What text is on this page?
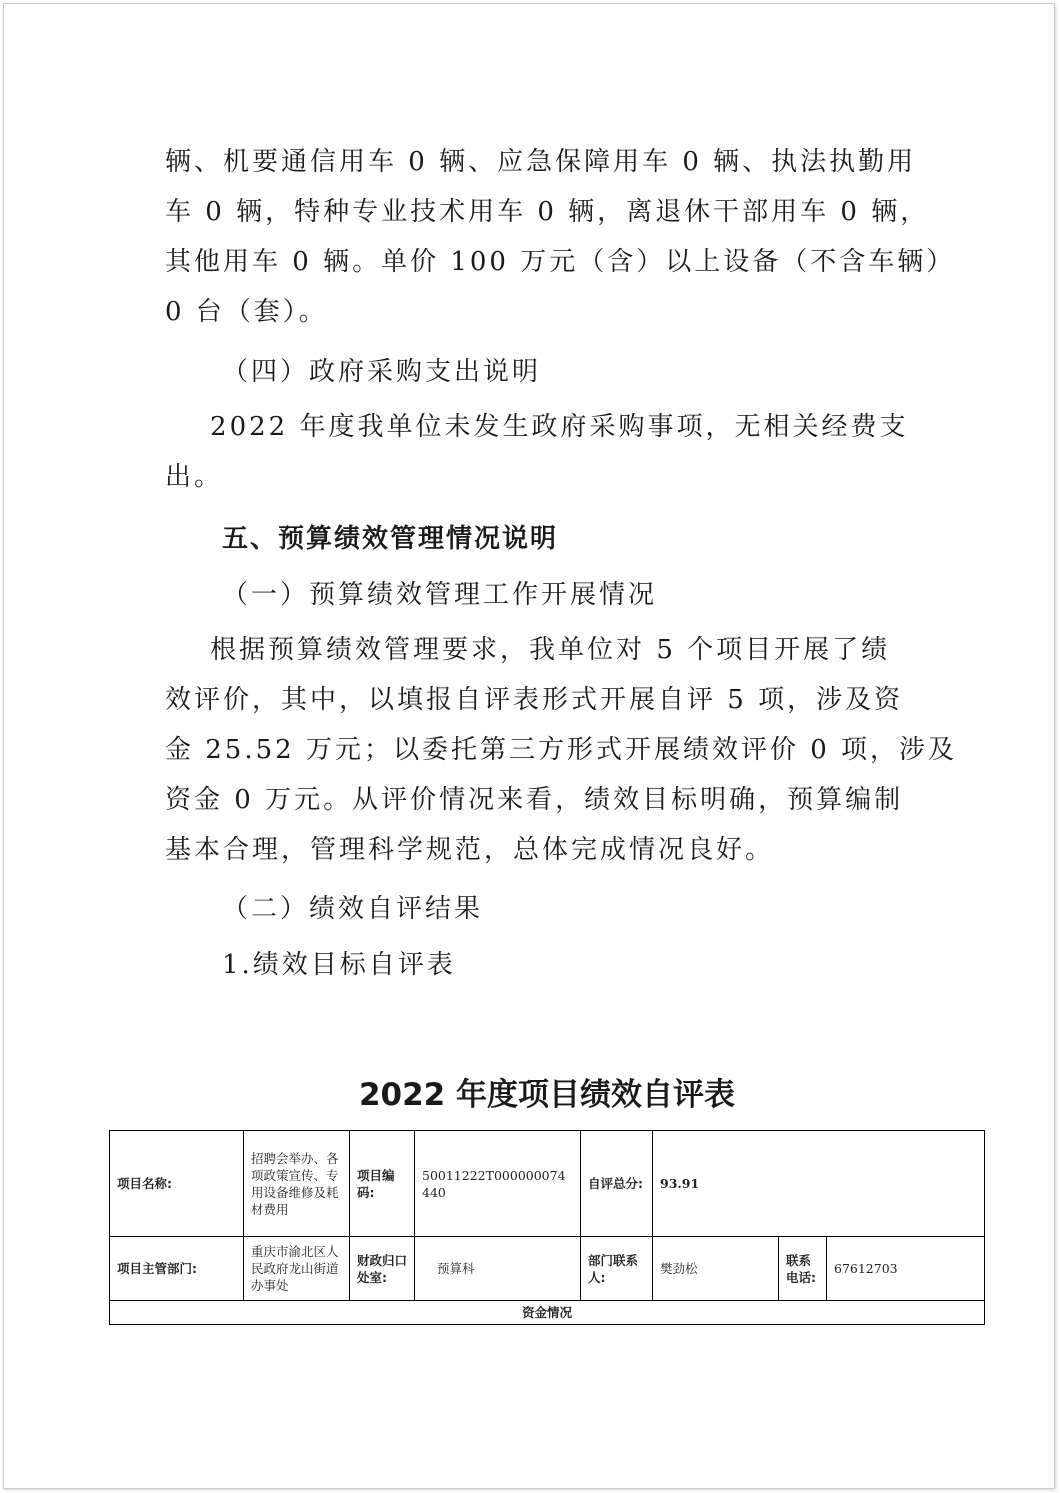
辆、机要通信用车 0 辆、应急保障用车 0 辆、执法执勤用

车 0 辆，特种专业技术用车 0 辆，离退休干部用车 0 辆，

其他用车 0 辆。单价 100 万元（含）以上设备（不含车辆）

0 台（套）。

（四）政府采购支出说明

2022 年度我单位未发生政府采购事项，无相关经费支

出。

五、预算绩效管理情况说明

（一）预算绩效管理工作开展情况

根据预算绩效管理要求，我单位对 5 个项目开展了绩

效评价，其中，以填报自评表形式开展自评 5 项，涉及资

金 25.52 万元；以委托第三方形式开展绩效评价 0 项，涉及

资金 0 万元。从评价情况来看，绩效目标明确，预算编制

基本合理，管理科学规范，总体完成情况良好。

（二）绩效自评结果

1.绩效目标自评表

2022 年度项目绩效自评表
项目名称:	招聘会举办、各项政策宣传、专用设备维修及耗材费用	项目编码:	50011222T000000074440	自评总分:	93.91		
项目主管部门:	重庆市渝北区人民政府龙山街道办事处	财政归口处室:	预算科	部门联系人:	樊劲松	联系电话:	67612703
资金情况							
